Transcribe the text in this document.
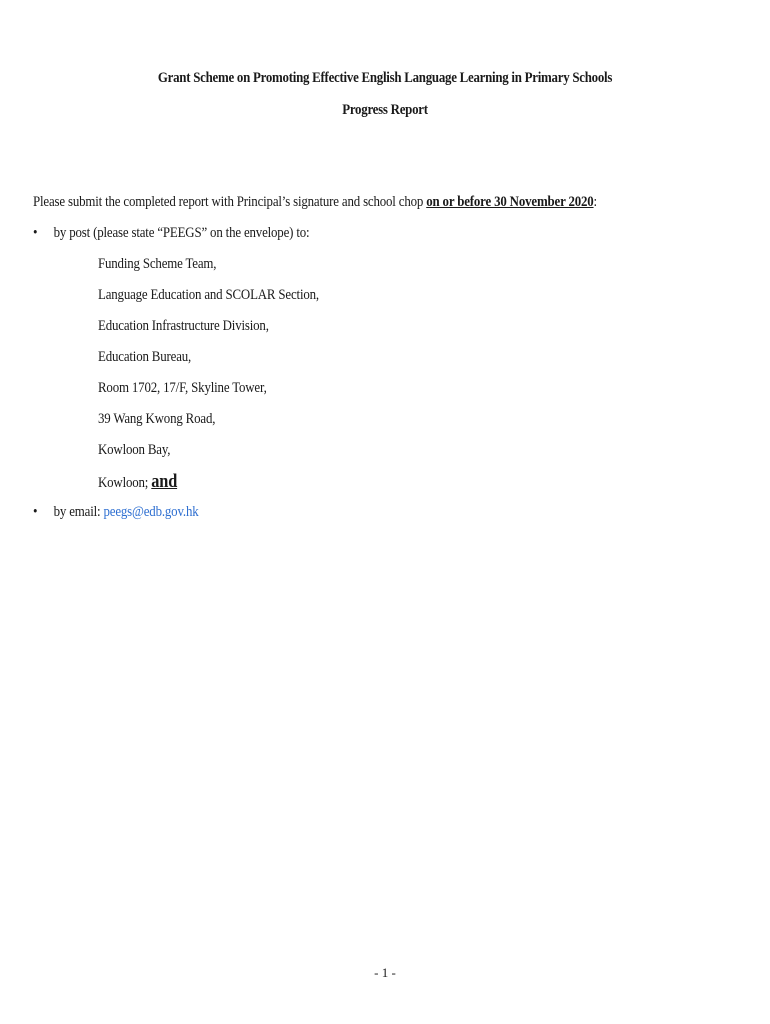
Grant Scheme on Promoting Effective English Language Learning in Primary Schools
Progress Report
Please submit the completed report with Principal’s signature and school chop on or before 30 November 2020:
• by post (please state “PEEGS” on the envelope) to:
Funding Scheme Team,
Language Education and SCOLAR Section,
Education Infrastructure Division,
Education Bureau,
Room 1702, 17/F, Skyline Tower,
39 Wang Kwong Road,
Kowloon Bay,
Kowloon; and
• by email: peegs@edb.gov.hk
- 1 -
